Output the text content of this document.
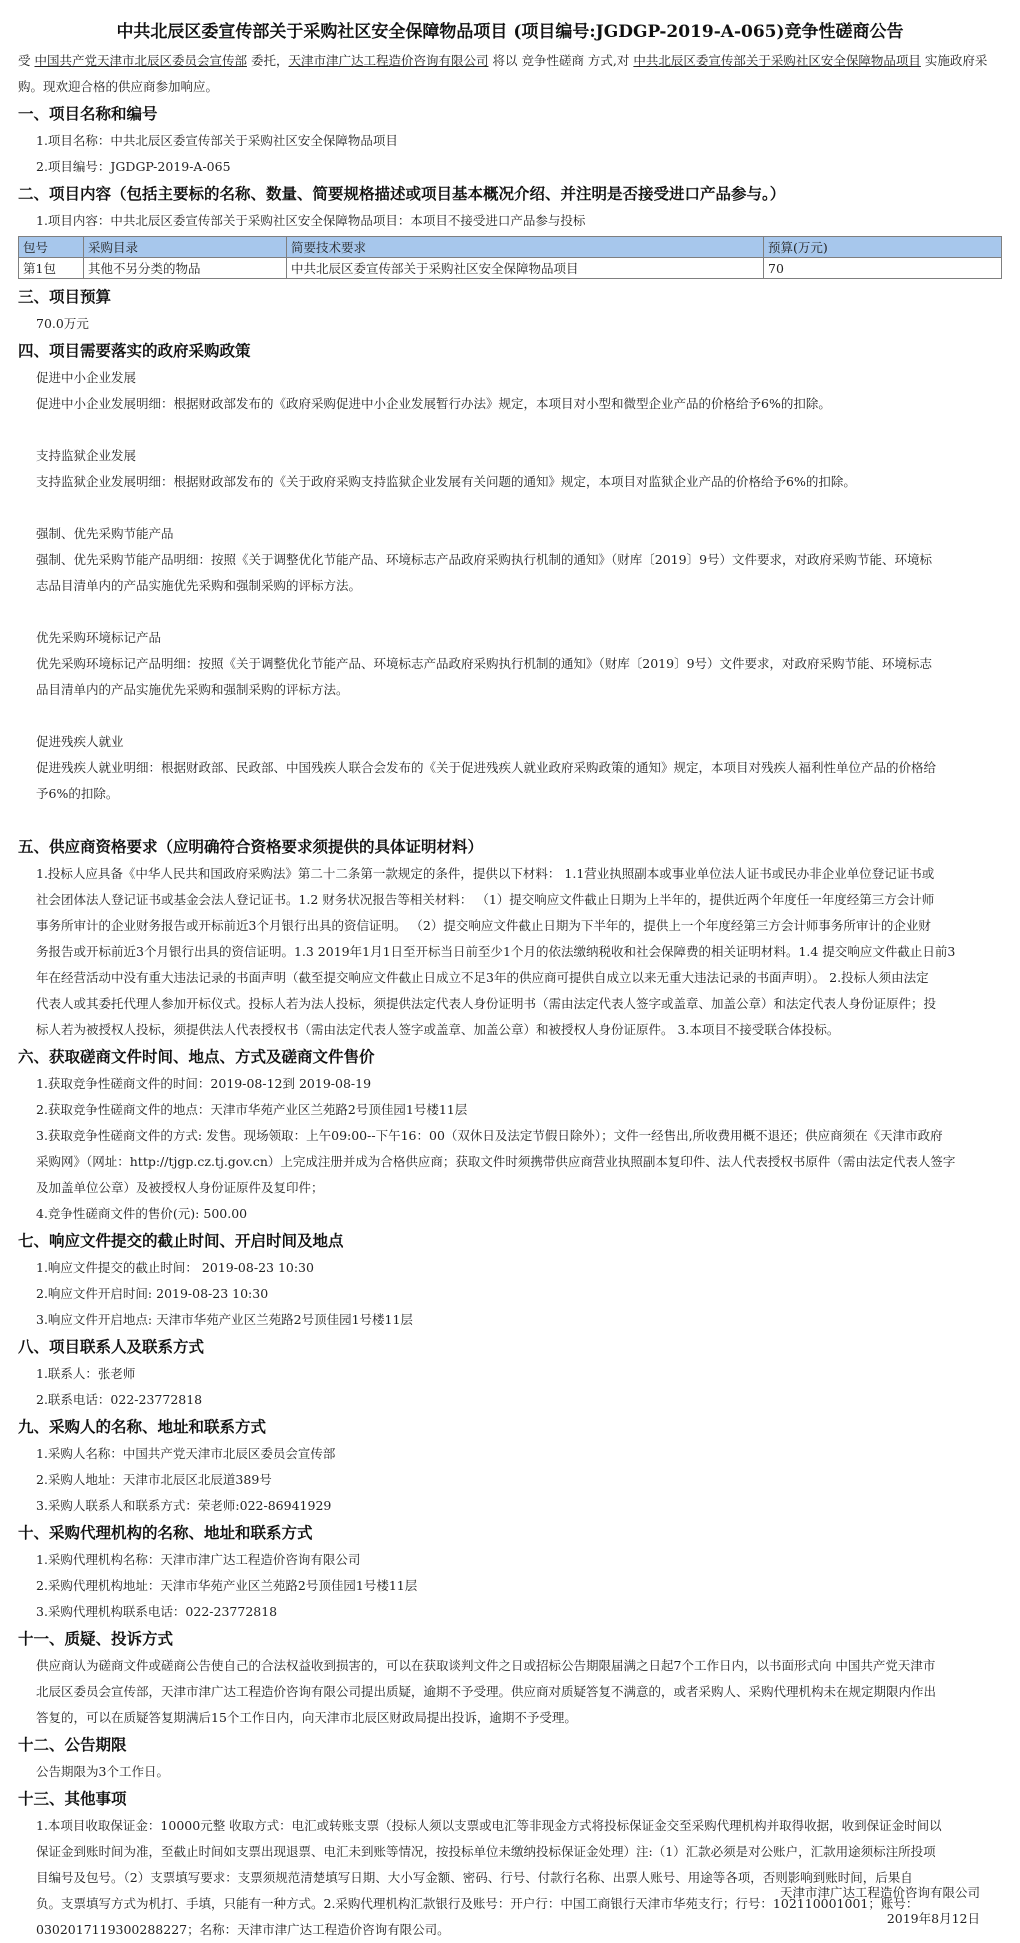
中共北辰区委宣传部关于采购社区安全保障物品项目 (项目编号:JGDGP-2019-A-065)竞争性磋商公告

受 中国共产党天津市北辰区委员会宣传部 委托，天津市津广达工程造价咨询有限公司 将以 竞争性磋商 方式,对 中共北辰区委宣传部关于采购社区安全保障物品项目 实施政府采购。现欢迎合格的供应商参加响应。

一、项目名称和编号
1.项目名称：中共北辰区委宣传部关于采购社区安全保障物品项目
2.项目编号：JGDGP-2019-A-065
二、项目内容（包括主要标的名称、数量、简要规格描述或项目基本概况介绍、并注明是否接受进口产品参与。）
1.项目内容：中共北辰区委宣传部关于采购社区安全保障物品项目：本项目不接受进口产品参与投标
包号	采购目录	简要技术要求	预算(万元)
第1包	其他不另分类的物品	中共北辰区委宣传部关于采购社区安全保障物品项目	70
三、项目预算
70.0万元
四、项目需要落实的政府采购政策
促进中小企业发展
促进中小企业发展明细：根据财政部发布的《政府采购促进中小企业发展暂行办法》规定，本项目对小型和微型企业产品的价格给予6%的扣除。
支持监狱企业发展
支持监狱企业发展明细：根据财政部发布的《关于政府采购支持监狱企业发展有关问题的通知》规定，本项目对监狱企业产品的价格给予6%的扣除。
强制、优先采购节能产品
强制、优先采购节能产品明细：按照《关于调整优化节能产品、环境标志产品政府采购执行机制的通知》（财库〔2019〕9号）文件要求，对政府采购节能、环境标
志品目清单内的产品实施优先采购和强制采购的评标方法。
优先采购环境标记产品
优先采购环境标记产品明细：按照《关于调整优化节能产品、环境标志产品政府采购执行机制的通知》（财库〔2019〕9号）文件要求，对政府采购节能、环境标志
品目清单内的产品实施优先采购和强制采购的评标方法。
促进残疾人就业
促进残疾人就业明细：根据财政部、民政部、中国残疾人联合会发布的《关于促进残疾人就业政府采购政策的通知》规定，本项目对残疾人福利性单位产品的价格给
予6%的扣除。
五、供应商资格要求（应明确符合资格要求须提供的具体证明材料）
1.投标人应具备《中华人民共和国政府采购法》第二十二条第一款规定的条件，提供以下材料： 1.1营业执照副本或事业单位法人证书或民办非企业单位登记证书或
社会团体法人登记证书或基金会法人登记证书。1.2 财务状况报告等相关材料： （1）提交响应文件截止日期为上半年的，提供近两个年度任一年度经第三方会计师
事务所审计的企业财务报告或开标前近3个月银行出具的资信证明。 （2）提交响应文件截止日期为下半年的，提供上一个年度经第三方会计师事务所审计的企业财
务报告或开标前近3个月银行出具的资信证明。1.3 2019年1月1日至开标当日前至少1个月的依法缴纳税收和社会保障费的相关证明材料。1.4 提交响应文件截止日前3
年在经营活动中没有重大违法记录的书面声明（截至提交响应文件截止日成立不足3年的供应商可提供自成立以来无重大违法记录的书面声明）。 2.投标人须由法定
代表人或其委托代理人参加开标仪式。投标人若为法人投标，须提供法定代表人身份证明书（需由法定代表人签字或盖章、加盖公章）和法定代表人身份证原件；投
标人若为被授权人投标，须提供法人代表授权书（需由法定代表人签字或盖章、加盖公章）和被授权人身份证原件。 3.本项目不接受联合体投标。
六、获取磋商文件时间、地点、方式及磋商文件售价
1.获取竞争性磋商文件的时间：2019-08-12到 2019-08-19
2.获取竞争性磋商文件的地点：天津市华苑产业区兰苑路2号顶佳园1号楼11层
3.获取竞争性磋商文件的方式: 发售。现场领取：上午09:00--下午16：00（双休日及法定节假日除外）；文件一经售出,所收费用概不退还；供应商须在《天津市政府
采购网》（网址：http://tjgp.cz.tj.gov.cn）上完成注册并成为合格供应商；获取文件时须携带供应商营业执照副本复印件、法人代表授权书原件（需由法定代表人签字
及加盖单位公章）及被授权人身份证原件及复印件；
4.竞争性磋商文件的售价(元): 500.00
七、响应文件提交的截止时间、开启时间及地点
1.响应文件提交的截止时间： 2019-08-23 10:30
2.响应文件开启时间: 2019-08-23 10:30
3.响应文件开启地点: 天津市华苑产业区兰苑路2号顶佳园1号楼11层
八、项目联系人及联系方式
1.联系人：张老师
2.联系电话：022-23772818
九、采购人的名称、地址和联系方式
1.采购人名称：中国共产党天津市北辰区委员会宣传部
2.采购人地址：天津市北辰区北辰道389号
3.采购人联系人和联系方式：荣老师:022-86941929
十、采购代理机构的名称、地址和联系方式
1.采购代理机构名称：天津市津广达工程造价咨询有限公司
2.采购代理机构地址：天津市华苑产业区兰苑路2号顶佳园1号楼11层
3.采购代理机构联系电话：022-23772818
十一、质疑、投诉方式
供应商认为磋商文件或磋商公告使自己的合法权益收到损害的，可以在获取谈判文件之日或招标公告期限届满之日起7个工作日内，以书面形式向 中国共产党天津市
北辰区委员会宣传部，天津市津广达工程造价咨询有限公司提出质疑，逾期不予受理。供应商对质疑答复不满意的，或者采购人、采购代理机构未在规定期限内作出
答复的，可以在质疑答复期满后15个工作日内，向天津市北辰区财政局提出投诉，逾期不予受理。
十二、公告期限
公告期限为3个工作日。
十三、其他事项
1.本项目收取保证金：10000元整 收取方式：电汇或转账支票（投标人须以支票或电汇等非现金方式将投标保证金交至采购代理机构并取得收据，收到保证金时间以
保证金到账时间为准，至截止时间如支票出现退票、电汇未到账等情况，按投标单位未缴纳投标保证金处理）注:（1）汇款必须是对公账户，汇款用途须标注所投项
目编号及包号。（2）支票填写要求：支票须规范清楚填写日期、大小写金额、密码、行号、付款行名称、出票人账号、用途等各项，否则影响到账时间，后果自
负。支票填写方式为机打、手填，只能有一种方式。2.采购代理机构汇款银行及账号：开户行：中国工商银行天津市华苑支行；行号：102110001001；账号：
0302017119300288227；名称：天津市津广达工程造价咨询有限公司。
天津市津广达工程造价咨询有限公司
2019年8月12日
